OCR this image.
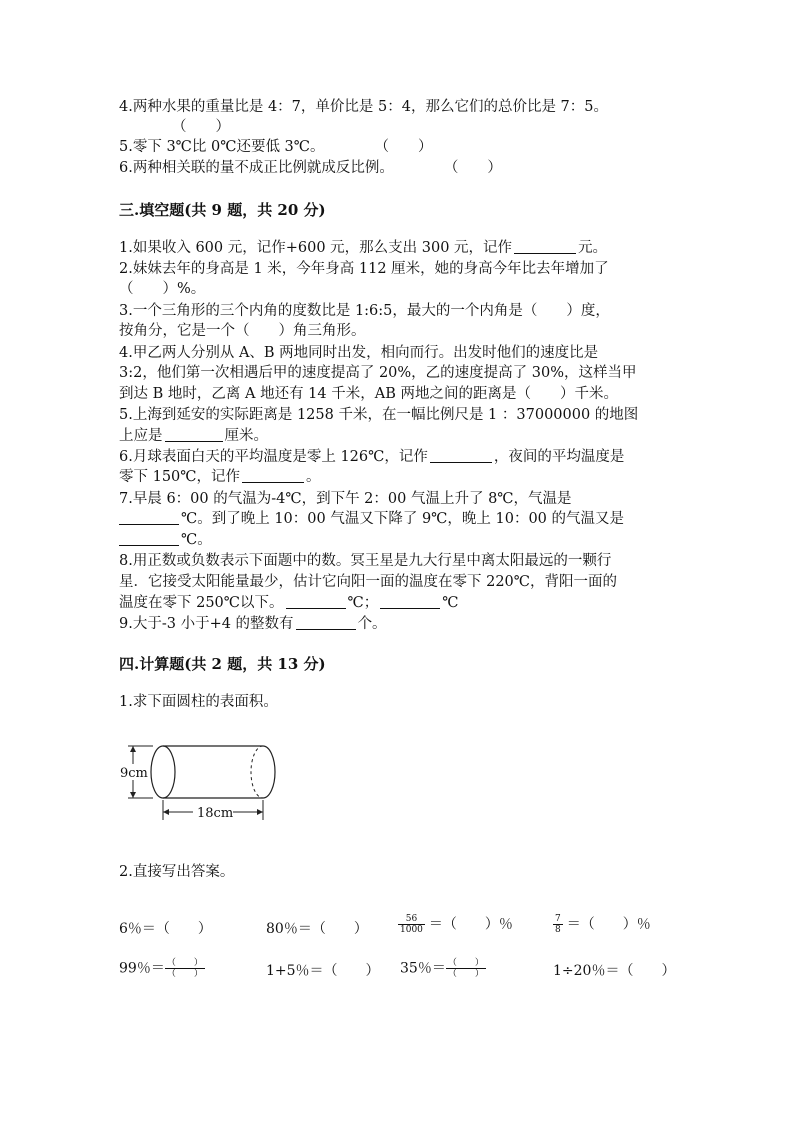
4.两种水果的重量比是 4：7，单价比是 5：4，那么它们的总价比是 7：5。
（　　）
5.零下 3℃比 0℃还要低 3℃。	（　　）
6.两种相关联的量不成正比例就成反比例。	（　　）
三.填空题(共 9 题，共 20 分)
1.如果收入 600 元，记作+600 元，那么支出 300 元，记作	元。
2.妹妹去年的身高是 1 米，今年身高 112 厘米，她的身高今年比去年增加了
（　　）%。
3.一个三角形的三个内角的度数比是 1:6:5，最大的一个内角是（　　）度，
按角分，它是一个（　　）角三角形。
4.甲乙两人分别从 A、B 两地同时出发，相向而行。出发时他们的速度比是
3:2，他们第一次相遇后甲的速度提高了 20%，乙的速度提高了 30%，这样当甲
到达 B 地时，乙离 A 地还有 14 千米，AB 两地之间的距离是（　　）千米。
5.上海到延安的实际距离是 1258 千米，在一幅比例尺是 1 ：37000000 的地图
上应是	厘米。
6.月球表面白天的平均温度是零上 126℃，记作	，夜间的平均温度是
零下 150℃，记作	。
7.早晨 6：00 的气温为-4℃，到下午 2：00 气温上升了 8℃，气温是
℃。到了晚上 10：00 气温又下降了 9℃，晚上 10：00 的气温又是
℃。
8.用正数或负数表示下面题中的数。冥王星是九大行星中离太阳最远的一颗行
星．它接受太阳能量最少，估计它向阳一面的温度在零下 220℃，背阳一面的
温度在零下 250℃以下。	℃；	℃
9.大于-3 小于+4 的整数有	个。
四.计算题(共 2 题，共 13 分)
1.求下面圆柱的表面积。
9cm
18cm
2.直接写出答案。
6％＝（　　）	80％＝（　　）	$\frac{56}{1000}$ ＝（　　）％	$\frac{7}{8}$ ＝（　　）％
99％＝ $\frac{( )}{( )}$	1+5％＝（　　） 35％＝ $\frac{( )}{( )}$	1÷20％＝（　　）
